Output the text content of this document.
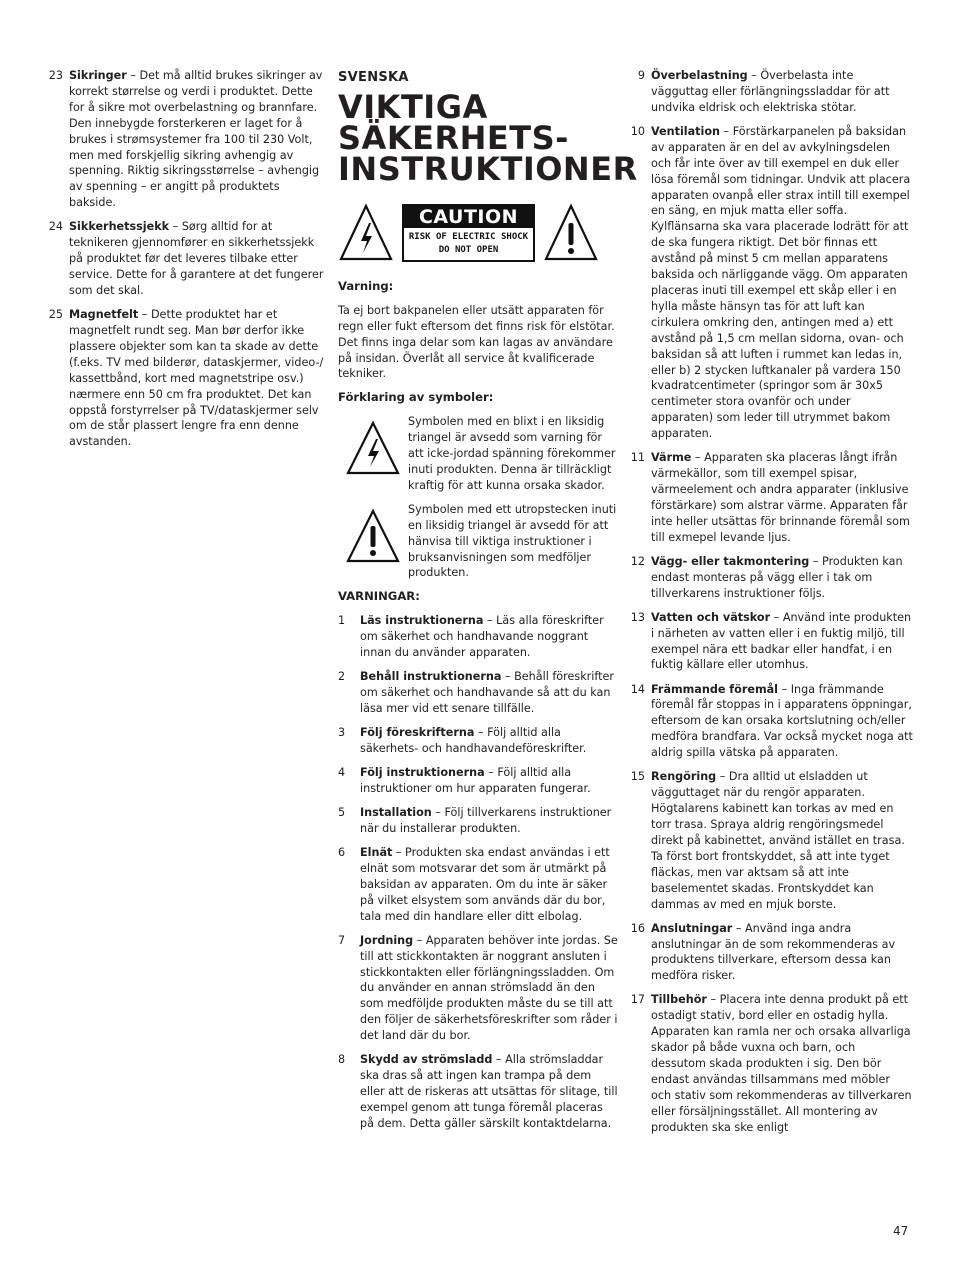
23 Sikringer – Det må alltid brukes sikringer av korrekt størrelse og verdi i produktet. Dette for å sikre mot overbelastning og brannfare. Den innebygde forsterkeren er laget for å brukes i strømsystemer fra 100 til 230 Volt, men med forskjellig sikring avhengig av spenning. Riktig sikringsstørrelse – avhengig av spenning – er angitt på produktets bakside.
24 Sikkerhetssjekk – Sørg alltid for at teknikeren gjennomfører en sikkerhetssjekk på produktet før det leveres tilbake etter service. Dette for å garantere at det fungerer som det skal.
25 Magnetfelt – Dette produktet har et magnetfelt rundt seg. Man bør derfor ikke plassere objekter som kan ta skade av dette (f.eks. TV med bilderør, dataskjermer, video-/ kassettbånd, kort med magnetstripe osv.) nærmere enn 50 cm fra produktet. Det kan oppstå forstyrrelser på TV/dataskjermer selv om de står plassert lengre fra enn denne avstanden.
SVENSKA
VIKTIGA
SÄKERHETS-
INSTRUKTIONER
CAUTION
RISK OF ELECTRIC SHOCK
DO NOT OPEN
Varning:
Ta ej bort bakpanelen eller utsätt apparaten för regn eller fukt eftersom det finns risk för elstötar. Det finns inga delar som kan lagas av användare på insidan. Överlåt all service åt kvalificerade tekniker.
Förklaring av symboler:
Symbolen med en blixt i en liksidig triangel är avsedd som varning för att icke-jordad spänning förekommer inuti produkten. Denna är tillräckligt kraftig för att kunna orsaka skador.
Symbolen med ett utropstecken inuti en liksidig triangel är avsedd för att hänvisa till viktiga instruktioner i bruksanvisningen som medföljer produkten.
VARNINGAR:
1	Läs instruktionerna – Läs alla föreskrifter om säkerhet och handhavande noggrant innan du använder apparaten.
2	Behåll instruktionerna – Behåll föreskrifter om säkerhet och handhavande så att du kan läsa mer vid ett senare tillfälle.
3	Följ föreskrifterna – Följ alltid alla säkerhets- och handhavandeföreskrifter.
4	Följ instruktionerna – Följ alltid alla instruktioner om hur apparaten fungerar.
5	Installation – Följ tillverkarens instruktioner när du installerar produkten.
6	Elnät – Produkten ska endast användas i ett elnät som motsvarar det som är utmärkt på baksidan av apparaten. Om du inte är säker på vilket elsystem som används där du bor, tala med din handlare eller ditt elbolag.
7	Jordning – Apparaten behöver inte jordas. Se till att stickkontakten är noggrant ansluten i stickkontakten eller förlängningssladden. Om du använder en annan strömsladd än den som medföljde produkten måste du se till att den följer de säkerhetsföreskrifter som råder i det land där du bor.
8	Skydd av strömsladd – Alla strömsladdar ska dras så att ingen kan trampa på dem eller att de riskeras att utsättas för slitage, till exempel genom att tunga föremål placeras på dem. Detta gäller särskilt kontaktdelarna.
9 Överbelastning – Överbelasta inte vägguttag eller förlängningssladdar för att undvika eldrisk och elektriska stötar.
10 Ventilation – Förstärkarpanelen på baksidan av apparaten är en del av avkylningsdelen och får inte över av till exempel en duk eller lösa föremål som tidningar. Undvik att placera apparaten ovanpå eller strax intill till exempel en säng, en mjuk matta eller soffa. Kylflänsarna ska vara placerade lodrätt för att de ska fungera riktigt. Det bör finnas ett avstånd på minst 5 cm mellan apparatens baksida och närliggande vägg. Om apparaten placeras inuti till exempel ett skåp eller i en hylla måste hänsyn tas för att luft kan cirkulera omkring den, antingen med a) ett avstånd på 1,5 cm mellan sidorna, ovan- och baksidan så att luften i rummet kan ledas in, eller b) 2 stycken luftkanaler på vardera 150 kvadratcentimeter (springor som är 30x5 centimeter stora ovanför och under apparaten) som leder till utrymmet bakom apparaten.
11 Värme – Apparaten ska placeras långt ifrån värmekällor, som till exempel spisar, värmeelement och andra apparater (inklusive förstärkare) som alstrar värme. Apparaten får inte heller utsättas för brinnande föremål som till exmepel levande ljus.
12 Vägg- eller takmontering – Produkten kan endast monteras på vägg eller i tak om tillverkarens instruktioner följs.
13 Vatten och vätskor – Använd inte produkten i närheten av vatten eller i en fuktig miljö, till exempel nära ett badkar eller handfat, i en fuktig källare eller utomhus.
14 Främmande föremål – Inga främmande föremål får stoppas in i apparatens öppningar, eftersom de kan orsaka kortslutning och/eller medföra brandfara. Var också mycket noga att aldrig spilla vätska på apparaten.
15 Rengöring – Dra alltid ut elsladden ut vägguttaget när du rengör apparaten. Högtalarens kabinett kan torkas av med en torr trasa. Spraya aldrig rengöringsmedel direkt på kabinettet, använd istället en trasa. Ta först bort frontskyddet, så att inte tyget fläckas, men var aktsam så att inte baselementet skadas. Frontskyddet kan dammas av med en mjuk borste.
16 Anslutningar – Använd inga andra anslutningar än de som rekommenderas av produktens tillverkare, eftersom dessa kan medföra risker.
17 Tillbehör – Placera inte denna produkt på ett ostadigt stativ, bord eller en ostadig hylla. Apparaten kan ramla ner och orsaka allvarliga skador på både vuxna och barn, och dessutom skada produkten i sig. Den bör endast användas tillsammans med möbler och stativ som rekommenderas av tillverkaren eller försäljningsstället. All montering av produkten ska ske enligt
47
